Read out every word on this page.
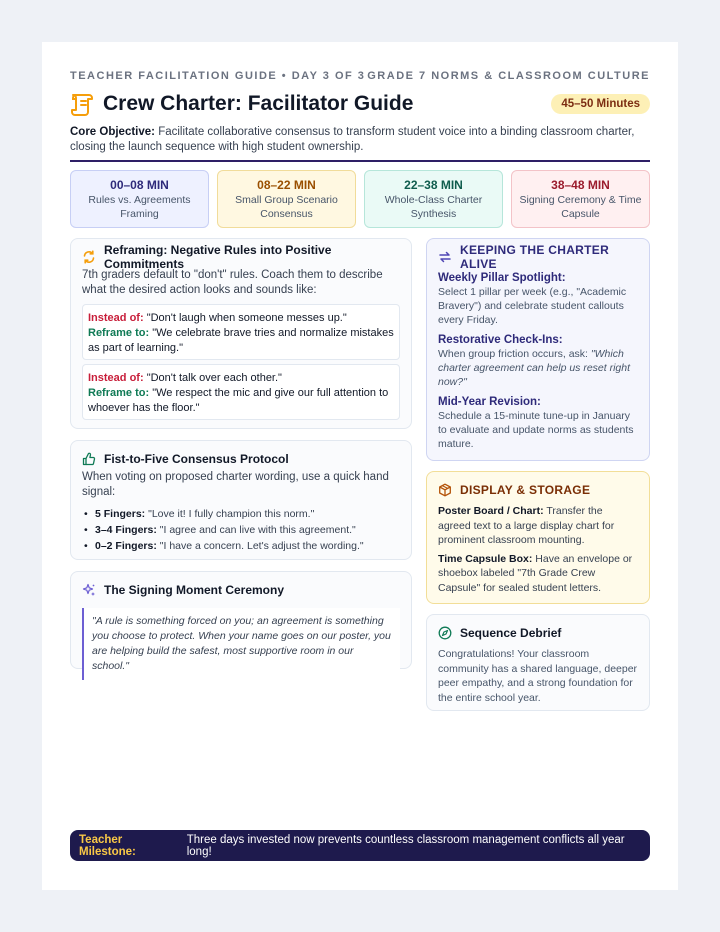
TEACHER FACILITATION GUIDE • DAY 3 OF 3 GRADE 7 NORMS & CLASSROOM CULTURE
Crew Charter: Facilitator Guide	45–50 Minutes

Core Objective: Facilitate collaborative consensus to transform student voice into a binding classroom charter, closing the launch sequence with high student ownership.

00–08 MIN
Rules vs. Agreements Framing
08–22 MIN
Small Group Scenario Consensus
22–38 MIN
Whole-Class Charter Synthesis
38–48 MIN
Signing Ceremony & Time Capsule
Reframing: Negative Rules into Positive Commitments

7th graders default to "don't" rules. Coach them to describe what the desired action looks and sounds like:

Instead of: "Don't laugh when someone messes up."
Reframe to: "We celebrate brave tries and normalize mistakes as part of learning."
Instead of: "Don't talk over each other."
Reframe to: "We respect the mic and give our full attention to whoever has the floor."
Fist-to-Five Consensus Protocol

When voting on proposed charter wording, use a quick hand signal:

• 5 Fingers: "Love it! I fully champion this norm."
• 3–4 Fingers: "I agree and can live with this agreement."
• 0–2 Fingers: "I have a concern. Let's adjust the wording."
The Signing Moment Ceremony
"A rule is something forced on you; an agreement is something you choose to protect. When your name goes on our poster, you are helping build the safest, most supportive room in our school."
KEEPING THE CHARTER ALIVE
Weekly Pillar Spotlight:

Select 1 pillar per week (e.g., "Academic Bravery") and celebrate student callouts every Friday.

Restorative Check-Ins:

When group friction occurs, ask: "Which charter agreement can help us reset right now?"

Mid-Year Revision:

Schedule a 15-minute tune-up in January to evaluate and update norms as students mature.

DISPLAY & STORAGE

Poster Board / Chart: Transfer the agreed text to a large display chart for prominent classroom mounting.

Time Capsule Box: Have an envelope or shoebox labeled "7th Grade Crew Capsule" for sealed student letters.

Sequence Debrief

Congratulations! Your classroom community has a shared language, deeper peer empathy, and a strong foundation for the entire school year.

Teacher Milestone:
Three days invested now prevents countless classroom management conflicts all year long!
